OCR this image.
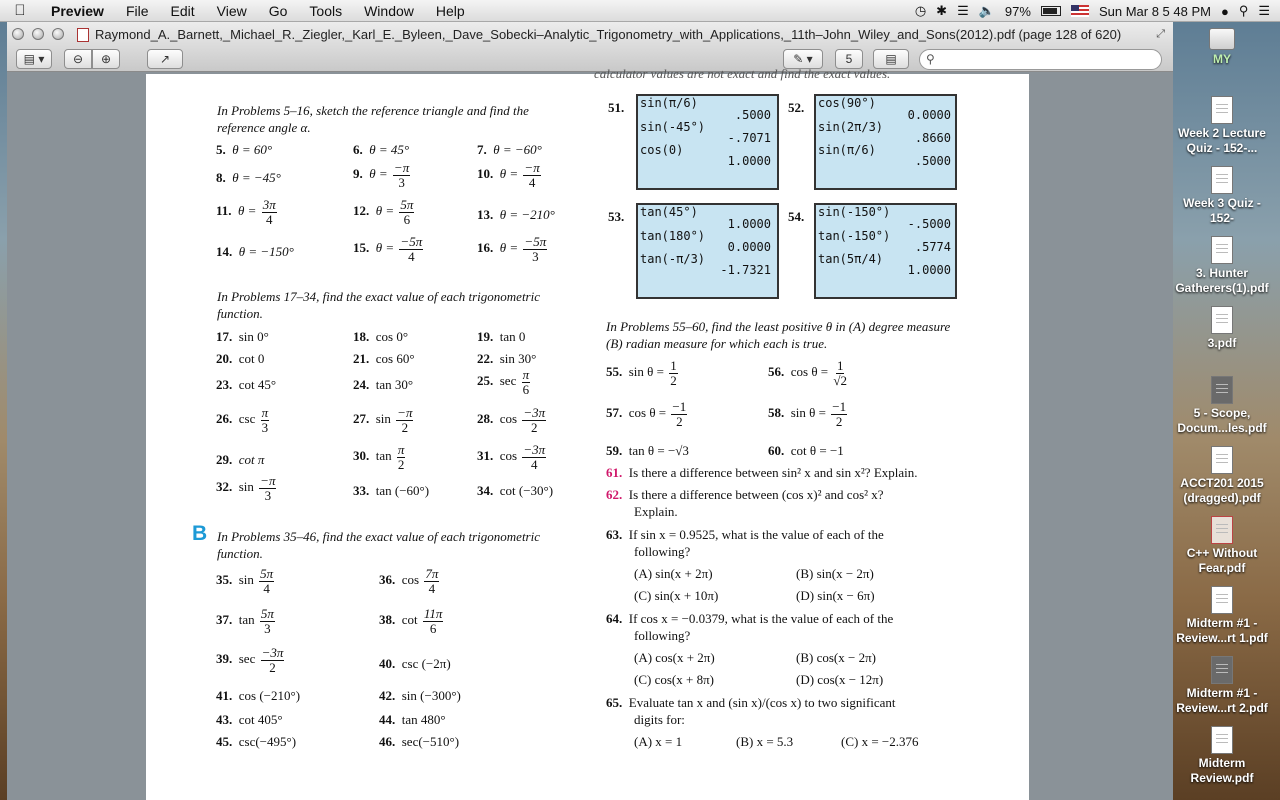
Preview	File	Edit	View	Go	Tools	Window	Help	◷ ✱ ☰ 🔈 97%	Sun Mar 8 5 48 PM ● ⚲ ☰
Raymond_A._Barnett,_Michael_R._Ziegler,_Karl_E._Byleen,_Dave_Sobecki–Analytic_Trigonometry_with_Applications,_11th–John_Wiley_and_Sons(2012).pdf (page 128 of 620)	⤢
▤ ▾	⊖	⊕	↗	✎ ▾	5	▤	⚲
calculator values are not exact and find the exact values.
In Problems 5–16, sketch the reference triangle and find the reference angle α.
5. θ = 60°	6. θ = 45°	7. θ = −60°
8. θ = −45°	9. $\theta = \frac{-\pi}{3}$	10. $\theta = \frac{-\pi}{4}$
11. $\theta = \frac{3\pi}{4}$	12. $\theta = \frac{5\pi}{6}$	13. θ = −210°
14. θ = −150°	15. $\theta = \frac{-5\pi}{4}$	16. $\theta = \frac{-5\pi}{3}$
In Problems 17–34, find the exact value of each trigonometric function.
17. sin 0°	18. cos 0°	19. tan 0
20. cot 0	21. cos 60°	22. sin 30°
23. cot 45°	24. tan 30°	25. $\sec \frac{\pi}{6}$
26. $\csc \frac{\pi}{3}$	27. $\sin \frac{-\pi}{2}$	28. $\cos \frac{-3\pi}{2}$
29. cot π	30. $\tan \frac{\pi}{2}$	31. $\cos \frac{-3\pi}{4}$
32. $\sin \frac{-\pi}{3}$	33. tan (−60°)	34. cot (−30°)
B In Problems 35–46, find the exact value of each trigonometric function.
35. $\sin \frac{5\pi}{4}$	36. $\cos \frac{7\pi}{4}$
37. $\tan \frac{5\pi}{3}$	38. $\cot \frac{11\pi}{6}$
39. $\sec \frac{-3\pi}{2}$	40. csc (−2π)
41. cos (−210°)	42. sin (−300°)
43. cot 405°	44. tan 480°
45. csc(−495°)	46. sec(−510°)
51. sin(π/6)
.5000
sin(-45°)
-.7071
cos(0)
1.0000
52. cos(90°)
0.0000
sin(2π/3)
.8660
sin(π/6)
.5000
53. tan(45°)
1.0000
tan(180°)
0.0000
tan(-π/3)
-1.7321
54. sin(-150°)
-.5000
tan(-150°)
.5774
tan(5π/4)
1.0000
In Problems 55–60, find the least positive θ in (A) degree measure (B) radian measure for which each is true.
55. $\sin \theta = \frac{1}{2}$	56. $\cos \theta = \frac{1}{√2}$
57. $\cos \theta = \frac{-1}{2}$	58. $\sin \theta = \frac{-1}{2}$
59. tan θ = −√3	60. cot θ = −1
61. Is there a difference between sin² x and sin x²? Explain.
62. Is there a difference between (cos x)² and cos² x?
Explain.
63. If sin x = 0.9525, what is the value of each of the
following?
(A) sin(x + 2π)	(B) sin(x − 2π)
(C) sin(x + 10π)	(D) sin(x − 6π)
64. If cos x = −0.0379, what is the value of each of the
following?
(A) cos(x + 2π)	(B) cos(x − 2π)
(C) cos(x + 8π)	(D) cos(x − 12π)
65. Evaluate tan x and (sin x)/(cos x) to two significant
digits for:
(A) x = 1	(B) x = 5.3	(C) x = −2.376
MY
Week 2 Lecture Quiz - 152-...
Week 3 Quiz - 152-
3. Hunter Gatherers(1).pdf
3.pdf
5 - Scope, Docum...les.pdf
ACCT201 2015 (dragged).pdf
C++ Without Fear.pdf
Midterm #1 - Review...rt 1.pdf
Midterm #1 - Review...rt 2.pdf
Midterm Review.pdf
